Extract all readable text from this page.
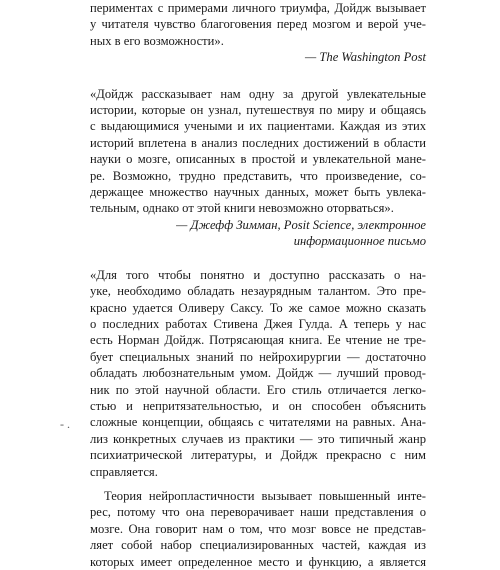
периментах с примерами личного триумфа, Дойдж вызывает
у читателя чувство благоговения перед мозгом и верой уче-
ных в его возможности».
— The Washington Post
«Дойдж рассказывает нам одну за другой увлекательные
истории, которые он узнал, путешествуя по миру и общаясь
с выдающимися учеными и их пациентами. Каждая из этих
историй вплетена в анализ последних достижений в области
науки о мозге, описанных в простой и увлекательной мане-
ре. Возможно, трудно представить, что произведение, со-
держащее множество научных данных, может быть увлека-
тельным, однако от этой книги невозможно оторваться».
— Джефф Зимман, Posit Science, электронное
информационное письмо
«Для того чтобы понятно и доступно рассказать о на-
уке, необходимо обладать незаурядным талантом. Это пре-
красно удается Оливеру Саксу. То же самое можно сказать
о последних работах Стивена Джея Гулда. А теперь у нас
есть Норман Дойдж. Потрясающая книга. Ее чтение не тре-
бует специальных знаний по нейрохирургии — достаточно
обладать любознательным умом. Дойдж — лучший провод-
ник по этой научной области. Его стиль отличается легко-
стью и непритязательностью, и он способен объяснить
сложные концепции, общаясь с читателями на равных. Ана-
лиз конкретных случаев из практики — это типичный жанр
психиатрической литературы, и Дойдж прекрасно с ним
справляется.
Теория нейропластичности вызывает повышенный инте-
рес, потому что она переворачивает наши представления о
мозге. Она говорит нам о том, что мозг вовсе не представ-
ляет собой набор специализированных частей, каждая из
которых имеет определенное место и функцию, а является
- .
